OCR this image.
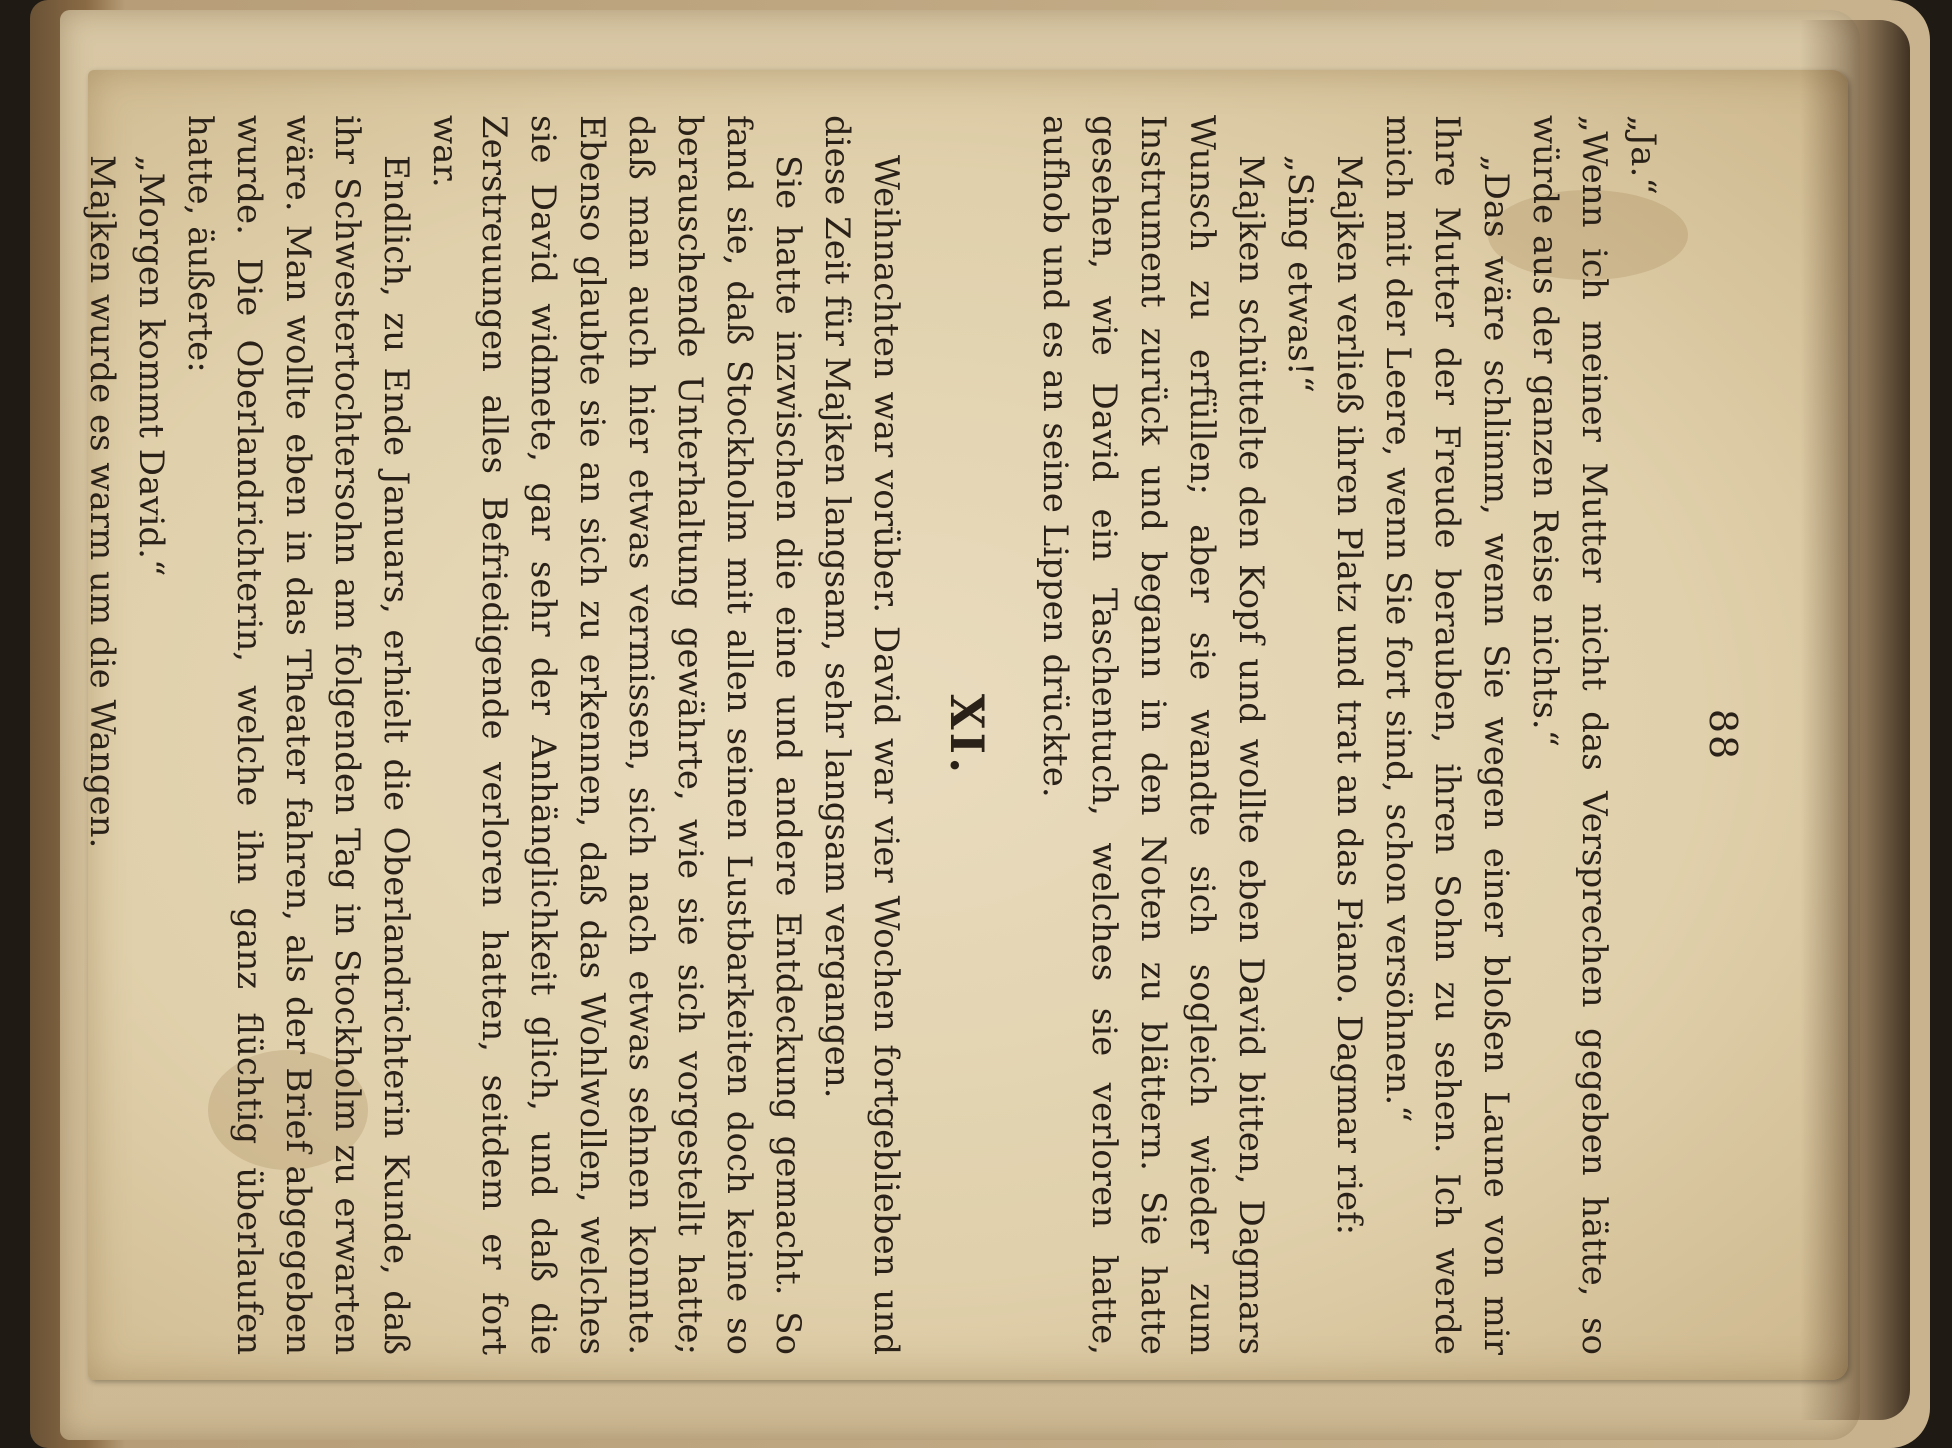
88

„Ja.“

„Wenn ich meiner Mutter nicht das Versprechen gegeben hätte, so würde aus der ganzen Reise nichts.“

„Das wäre schlimm, wenn Sie wegen einer bloßen Laune von mir Ihre Mutter der Freude berauben, ihren Sohn zu sehen. Ich werde mich mit der Leere, wenn Sie fort sind, schon versöhnen.“

Majken verließ ihren Platz und trat an das Piano. Dagmar rief:

„Sing etwas!“

Majken schüttelte den Kopf und wollte eben David bitten, Dagmars Wunsch zu erfüllen; aber sie wandte sich sogleich wieder zum Instrument zurück und begann in den Noten zu blättern. Sie hatte gesehen, wie David ein Taschentuch, welches sie verloren hatte, aufhob und es an seine Lippen drückte.

XI.

Weihnachten war vorüber. David war vier Wochen fortgeblieben und diese Zeit für Majken langsam, sehr langsam vergangen.

Sie hatte inzwischen die eine und andere Entdeckung gemacht. So fand sie, daß Stockholm mit allen seinen Lustbarkeiten doch keine so berauschende Unterhaltung gewährte, wie sie sich vorgestellt hatte; daß man auch hier etwas vermissen, sich nach etwas sehnen konnte. Ebenso glaubte sie an sich zu erkennen, daß das Wohlwollen, welches sie David widmete, gar sehr der Anhänglichkeit glich, und daß die Zerstreuungen alles Befriedigende verloren hatten, seitdem er fort war.

Endlich, zu Ende Januars, erhielt die Oberlandrichterin Kunde, daß ihr Schwestertochtersohn am folgenden Tag in Stockholm zu erwarten wäre. Man wollte eben in das Theater fahren, als der Brief abgegeben wurde. Die Oberlandrichterin, welche ihn ganz flüchtig überlaufen hatte, äußerte:

„Morgen kommt David.“

Majken wurde es warm um die Wangen.
